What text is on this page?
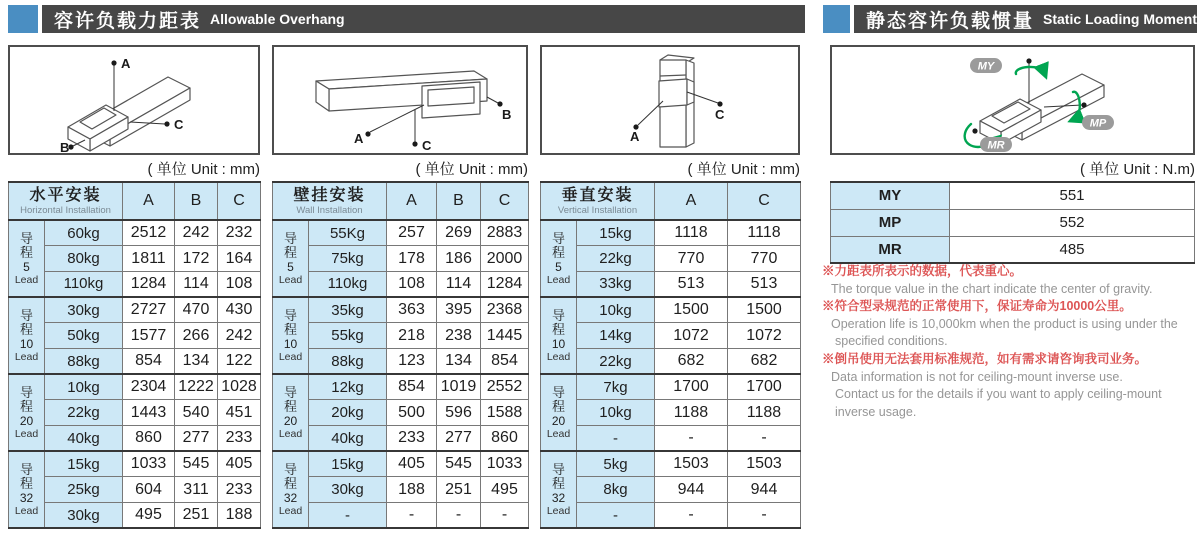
容许负载力距表 Allowable Overhang	静态容许负载惯量 Static Loading Moment
A
B
C
A
B
C
A
C
MY
MP
MR
( 单位 Unit : mm)	( 单位 Unit : mm)	( 单位 Unit : mm)	( 单位 Unit : N.m)
水平安装
Horizontal Installation		A	B	C

导
程
5
Lead	60kg	2512	242	232
	80kg	1811	172	164
	110kg	1284	114	108

导
程
10
Lead	30kg	2727	470	430
	50kg	1577	266	242
	88kg	854	134	122

导
程
20
Lead	10kg	2304	1222	1028
	22kg	1443	540	451
	40kg	860	277	233

导
程
32
Lead	15kg	1033	545	405
	25kg	604	311	233
	30kg	495	251	188
壁挂安装
Wall Installation		A	B	C

导
程
5
Lead	55Kg	257	269	2883
	75kg	178	186	2000
	110kg	108	114	1284

导
程
10
Lead	35kg	363	395	2368
	55kg	218	238	1445
	88kg	123	134	854

导
程
20
Lead	12kg	854	1019	2552
	20kg	500	596	1588
	40kg	233	277	860

导
程
32
Lead	15kg	405	545	1033
	30kg	188	251	495
	-	-	-	-
垂直安装
Vertical Installation		A	C

导
程
5
Lead	15kg	1118	1118
	22kg	770	770
	33kg	513	513

导
程
10
Lead	10kg	1500	1500
	14kg	1072	1072
	22kg	682	682

导
程
20
Lead	7kg	1700	1700
	10kg	1188	1188
	-	-	-

导
程
32
Lead	5kg	1503	1503
	8kg	944	944
	-	-	-
MY	551
MP	552
MR	485
※力距表所表示的数据，代表重心。
The torque value in the chart indicate the center of gravity.
※符合型录规范的正常使用下，保证寿命为10000公里。
Operation life is 10,000km when the product is using under the
specified conditions.
※倒吊使用无法套用标准规范，如有需求请咨询我司业务。
Data information is not for ceiling-mount inverse use.
Contact us for the details if you want to apply ceiling-mount
inverse usage.
